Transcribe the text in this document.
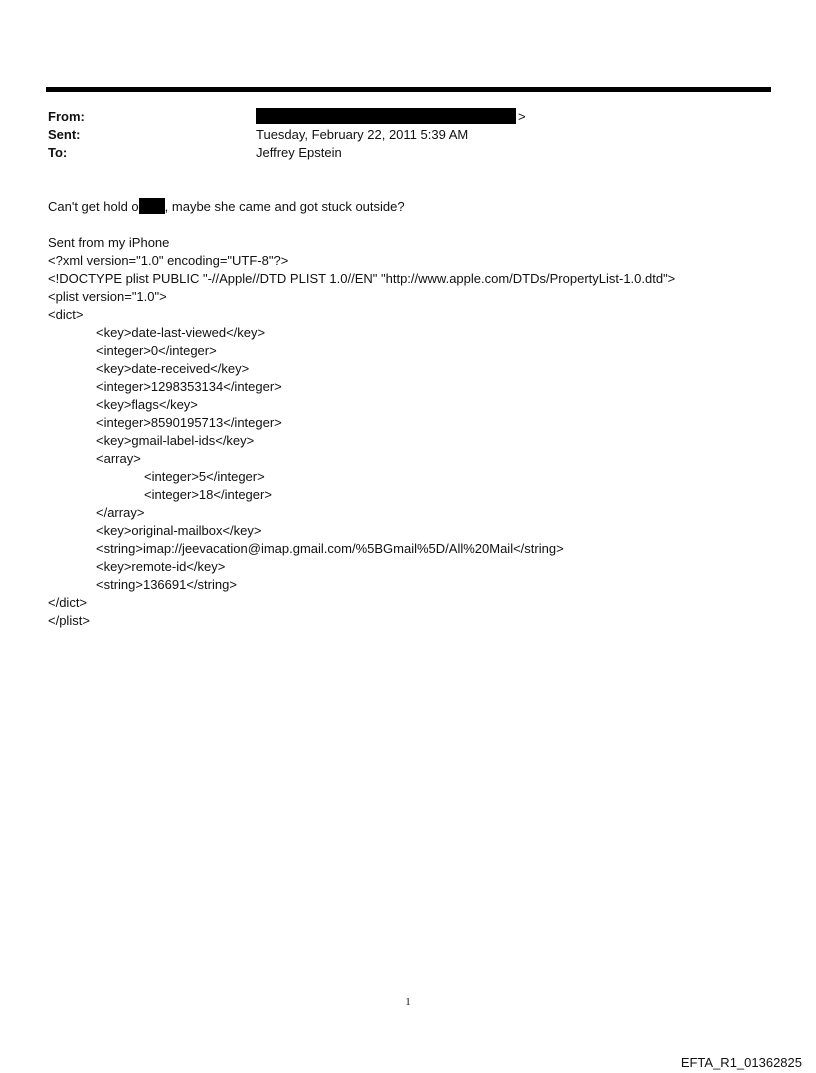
From:	>
Sent:	Tuesday, February 22, 2011 5:39 AM
To:	Jeffrey Epstein
Can't get hold o , maybe she came and got stuck outside?
Sent from my iPhone
<?xml version="1.0" encoding="UTF-8"?>
<!DOCTYPE plist PUBLIC "-//Apple//DTD PLIST 1.0//EN" "http://www.apple.com/DTDs/PropertyList-1.0.dtd">
<plist version="1.0">
<dict>
<key>date-last-viewed</key>
<integer>0</integer>
<key>date-received</key>
<integer>1298353134</integer>
<key>flags</key>
<integer>8590195713</integer>
<key>gmail-label-ids</key>
<array>
<integer>5</integer>
<integer>18</integer>
</array>
<key>original-mailbox</key>
<string>imap://jeevacation@imap.gmail.com/%5BGmail%5D/All%20Mail</string>
<key>remote-id</key>
<string>136691</string>
</dict>
</plist>
1
EFTA_R1_01362825
